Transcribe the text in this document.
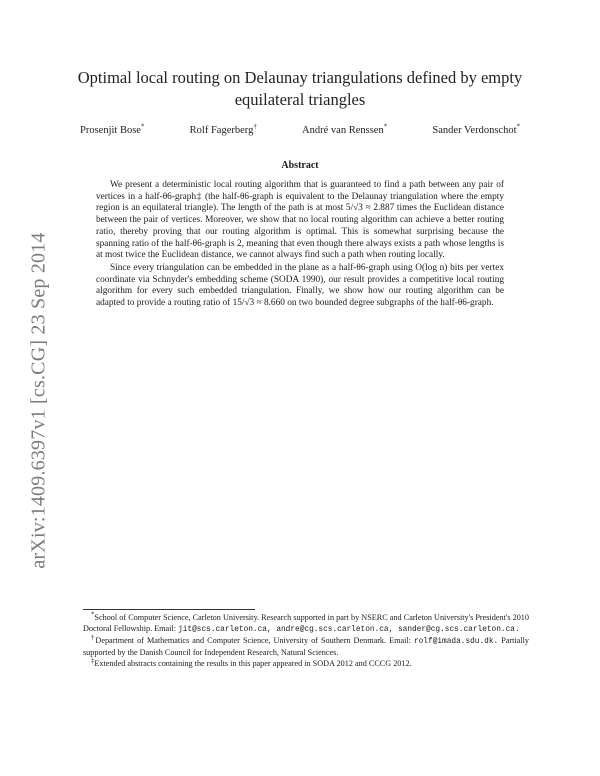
arXiv:1409.6397v1 [cs.CG] 23 Sep 2014
Optimal local routing on Delaunay triangulations defined by empty equilateral triangles
Prosenjit Bose*	Rolf Fagerberg†	André van Renssen*	Sander Verdonschot*
Abstract

We present a deterministic local routing algorithm that is guaranteed to find a path between any pair of vertices in a half-θ6-graph‡ (the half-θ6-graph is equivalent to the Delaunay triangulation where the empty region is an equilateral triangle). The length of the path is at most 5/√3 ≈ 2.887 times the Euclidean distance between the pair of vertices. Moreover, we show that no local routing algorithm can achieve a better routing ratio, thereby proving that our routing algorithm is optimal. This is somewhat surprising because the spanning ratio of the half-θ6-graph is 2, meaning that even though there always exists a path whose lengths is at most twice the Euclidean distance, we cannot always find such a path when routing locally.

Since every triangulation can be embedded in the plane as a half-θ6-graph using O(log n) bits per vertex coordinate via Schnyder's embedding scheme (SODA 1990), our result provides a competitive local routing algorithm for every such embedded triangulation. Finally, we show how our routing algorithm can be adapted to provide a routing ratio of 15/√3 ≈ 8.660 on two bounded degree subgraphs of the half-θ6-graph.

*School of Computer Science, Carleton University. Research supported in part by NSERC and Carleton University's President's 2010 Doctoral Fellowship. Email: jit@scs.carleton.ca, andre@cg.scs.carleton.ca, sander@cg.scs.carleton.ca.

†Department of Mathematics and Computer Science, University of Southern Denmark. Email: rolf@imada.sdu.dk. Partially supported by the Danish Council for Independent Research, Natural Sciences.

‡Extended abstracts containing the results in this paper appeared in SODA 2012 and CCCG 2012.
